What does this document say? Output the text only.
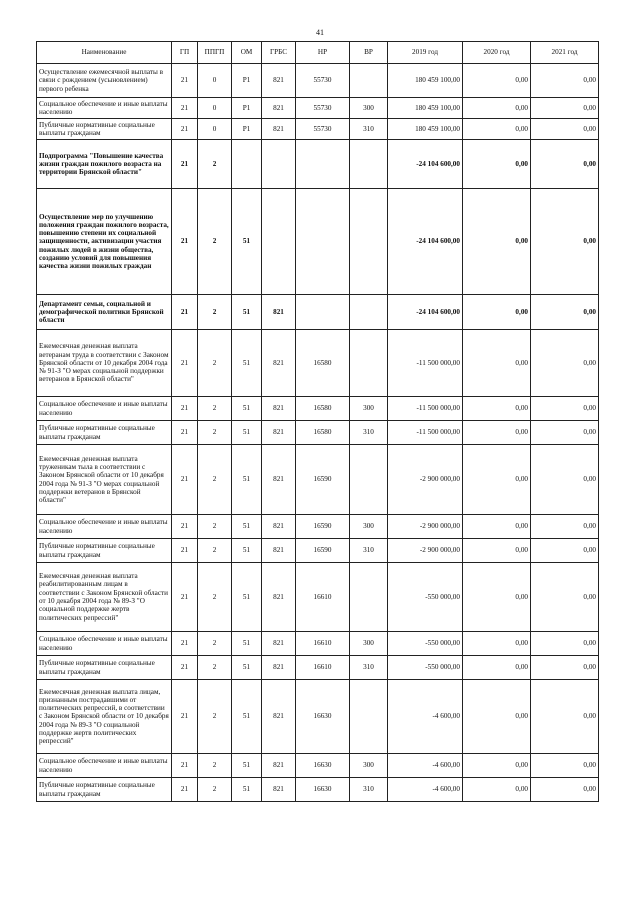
41
Наименование	ГП	ППГП	ОМ	ГРБС	НР	ВР	2019 год	2020 год	2021 год
Осуществление ежемесячной выплаты в связи с рождением (усыновлением) первого ребенка	21	0	P1	821	55730		180 459 100,00	0,00	0,00
Социальное обеспечение и иные выплаты населению	21	0	P1	821	55730	300	180 459 100,00	0,00	0,00
Публичные нормативные социальные выплаты гражданам	21	0	P1	821	55730	310	180 459 100,00	0,00	0,00
Подпрограмма "Повышение качества жизни граждан пожилого возраста на территории Брянской области"	21	2					-24 104 600,00	0,00	0,00
Осуществление мер по улучшению положения граждан пожилого возраста, повышению степени их социальной защищенности, активизации участия пожилых людей в жизни общества, созданию условий для повышения качества жизни пожилых граждан	21	2	51				-24 104 600,00	0,00	0,00
Департамент семьи, социальной и демографической политики Брянской области	21	2	51	821			-24 104 600,00	0,00	0,00
Ежемесячная денежная выплата ветеранам труда в соответствии с Законом Брянской области от 10 декабря 2004 года № 91-З "О мерах социальной поддержки ветеранов в Брянской области"	21	2	51	821	16580		-11 500 000,00	0,00	0,00
Социальное обеспечение и иные выплаты населению	21	2	51	821	16580	300	-11 500 000,00	0,00	0,00
Публичные нормативные социальные выплаты гражданам	21	2	51	821	16580	310	-11 500 000,00	0,00	0,00
Ежемесячная денежная выплата труженикам тыла в соответствии с Законом Брянской области от 10 декабря 2004 года № 91-З "О мерах социальной поддержки ветеранов в Брянской области"	21	2	51	821	16590		-2 900 000,00	0,00	0,00
Социальное обеспечение и иные выплаты населению	21	2	51	821	16590	300	-2 900 000,00	0,00	0,00
Публичные нормативные социальные выплаты гражданам	21	2	51	821	16590	310	-2 900 000,00	0,00	0,00
Ежемесячная денежная выплата реабилитированным лицам в соответствии с Законом Брянской области от 10 декабря 2004 года № 89-З "О социальной поддержке жертв политических репрессий"	21	2	51	821	16610		-550 000,00	0,00	0,00
Социальное обеспечение и иные выплаты населению	21	2	51	821	16610	300	-550 000,00	0,00	0,00
Публичные нормативные социальные выплаты гражданам	21	2	51	821	16610	310	-550 000,00	0,00	0,00
Ежемесячная денежная выплата лицам, признанным пострадавшими от политических репрессий, в соответствии с Законом Брянской области от 10 декабря 2004 года № 89-З "О социальной поддержке жертв политических репрессий"	21	2	51	821	16630		-4 600,00	0,00	0,00
Социальное обеспечение и иные выплаты населению	21	2	51	821	16630	300	-4 600,00	0,00	0,00
Публичные нормативные социальные выплаты гражданам	21	2	51	821	16630	310	-4 600,00	0,00	0,00
